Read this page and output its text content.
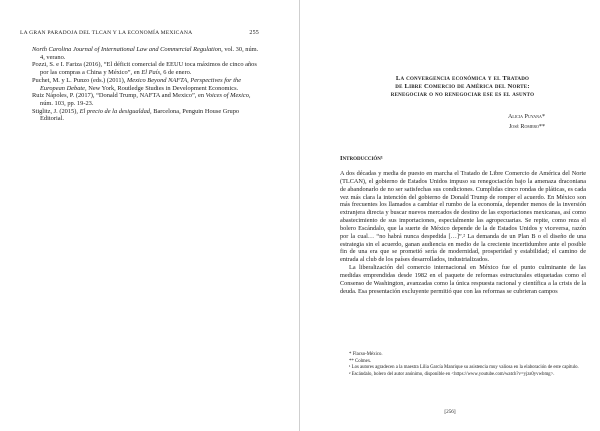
LA GRAN PARADOJA DEL TLCAN Y LA ECONOMÍA MEXICANA	255

North Carolina Journal of International Law and Commercial Regulation, vol. 30, núm. 4, verano.

Pozzi, S. e I. Fariza (2016), “El déficit comercial de EEUU toca máximos de cinco años por las compras a China y México”, en El País, 6 de enero.

Puchet, M. y L. Punzo (eds.) (2011), Mexico Beyond NAFTA, Perspectives for the European Debate, New York, Routledge Studies in Development Economics.

Ruiz Nápoles, P. (2017), “Donald Trump, NAFTA and Mexico”, en Voices of Mexico, núm. 103, pp. 19-23.

Stiglitz, J. (2015), El precio de la desigualdad, Barcelona, Penguin House Grupo Editorial.

La convergencia económica y el Tratado
de Libre Comercio de América del Norte:
renegociar o no renegociar ese es el asunto
Alicia Puyana*
José Romero**
Introducción¹

A dos décadas y media de puesto en marcha el Tratado de Libre Comercio de América del Norte (TLCAN), el gobierno de Estados Unidos impuso su renegociación bajo la amenaza draconiana de abandonarlo de no ser satisfechas sus condiciones. Cumplidas cinco rondas de pláticas, es cada vez más clara la intención del gobierno de Donald Trump de romper el acuerdo. En México son más frecuentes los llamados a cambiar el rumbo de la economía, depender menos de la inversión extranjera directa y buscar nuevos mercados de destino de las exportaciones mexicanas, así como abastecimiento de sus importaciones, especialmente las agropecuarias. Se repite, como reza el bolero Escándalo, que la suerte de México depende de la de Estados Unidos y viceversa, razón por la cual… “no habrá nunca despedida […]”.² La demanda de un Plan B o el diseño de una estrategia sin el acuerdo, ganan audiencia en medio de la creciente incertidumbre ante el posible fin de una era que se prometió sería de modernidad, prosperidad y estabilidad; el camino de entrada al club de los países desarrollados, industrializados.

La liberalización del comercio internacional en México fue el punto culminante de las medidas emprendidas desde 1982 en el paquete de reformas estructurales etiquetadas como el Consenso de Washington, avanzadas como la única respuesta racional y científica a la crisis de la deuda. Esa presentación excluyente permitió que con las reformas se cubrieran campos

* Flacso-México.

** Colmex.

¹ Los autores agradecen a la maestra Lilia García Manrique su asistencia muy valiosa en la elaboración de este capítulo.

² Escándalo, bolero del autor anónimo, disponible en <https://www.youtube.com/watch?v=yjzs0yvwbmg>.

[256]
